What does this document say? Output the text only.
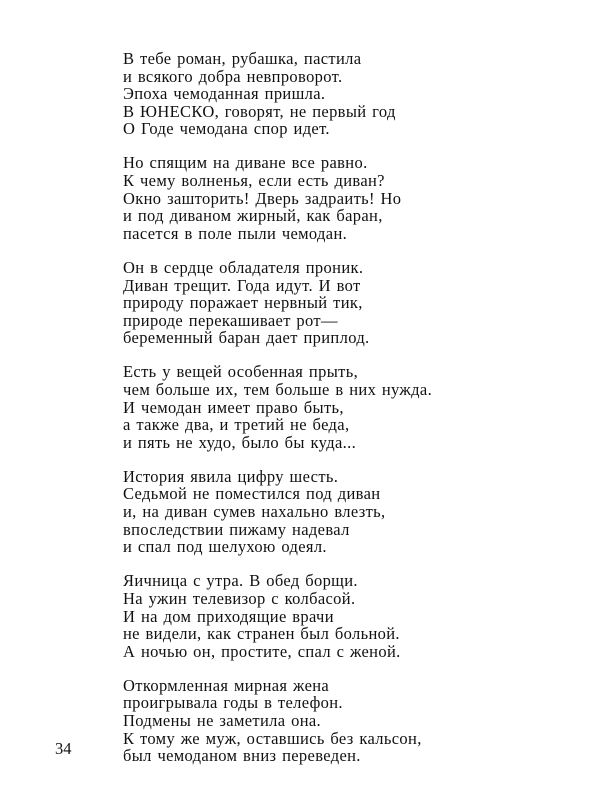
В тебе роман, рубашка, пастила
и всякого добра невпроворот.
Эпоха чемоданная пришла.
В ЮНЕСКО, говорят, не первый год
О Годе чемодана спор идет.
Но спящим на диване все равно.
К чему волненья, если есть диван?
Окно зашторить! Дверь задраить! Но
и под диваном жирный, как баран,
пасется в поле пыли чемодан.
Он в сердце обладателя проник.
Диван трещит. Года идут. И вот
природу поражает нервный тик,
природе перекашивает рот—
беременный баран дает приплод.
Есть у вещей особенная прыть,
чем больше их, тем больше в них нужда.
И чемодан имеет право быть,
а также два, и третий не беда,
и пять не худо, было бы куда...
История явила цифру шесть.
Седьмой не поместился под диван
и, на диван сумев нахально влезть,
впоследствии пижаму надевал
и спал под шелухою одеял.
Яичница с утра. В обед борщи.
На ужин телевизор с колбасой.
И на дом приходящие врачи
не видели, как странен был больной.
А ночью он, простите, спал с женой.
Откормленная мирная жена
проигрывала годы в телефон.
Подмены не заметила она.
К тому же муж, оставшись без кальсон,
был чемоданом вниз переведен.
34
